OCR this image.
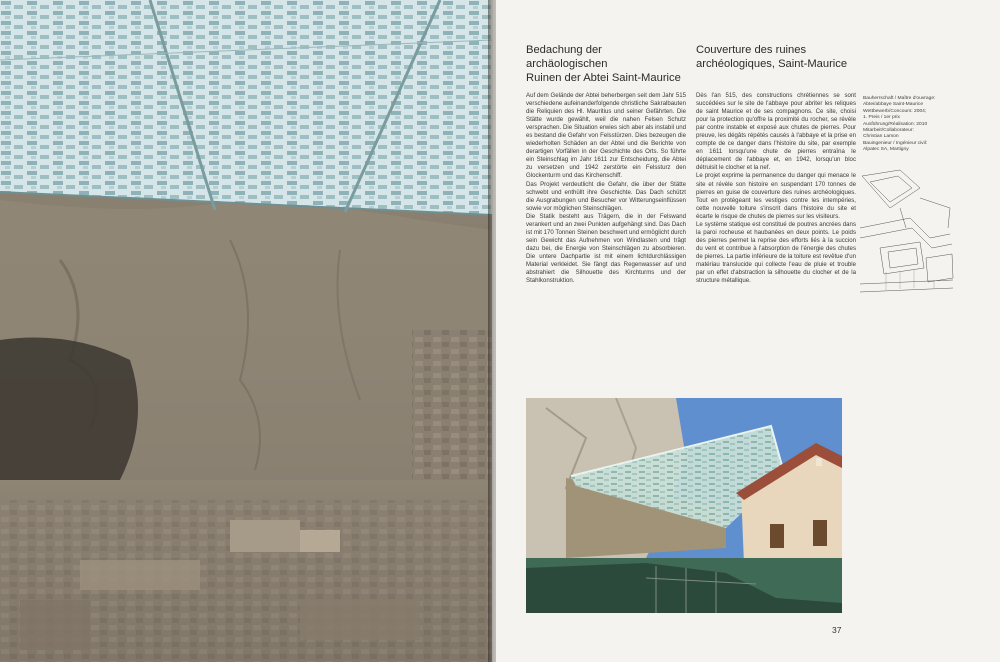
Bedachung der archäologischen
Ruinen der Abtei Saint-Maurice
Couverture des ruines
archéologiques, Saint-Maurice

Auf dem Gelände der Abtei beherbergen seit dem Jahr 515 verschiedene aufeinanderfolgende christliche Sakralbauten die Reliquien des Hl. Mauritius und seiner Gefährten. Die Stätte wurde gewählt, weil die nahen Felsen Schutz versprachen. Die Situation erwies sich aber als instabil und es bestand die Gefahr von Felsstürzen. Dies bezeugen die wiederholten Schäden an der Abtei und die Berichte von derartigen Vorfällen in der Geschichte des Orts. So führte ein Steinschlag im Jahr 1611 zur Entscheidung, die Abtei zu versetzen und 1942 zerstörte ein Felssturz den Glockenturm und das Kirchenschiff.

Das Projekt verdeutlicht die Gefahr, die über der Stätte schwebt und enthüllt ihre Geschichte. Das Dach schützt die Ausgrabungen und Besucher vor Witterungseinflüssen sowie vor möglichen Steinschlägen.

Die Statik besteht aus Trägern, die in der Felswand verankert und an zwei Punkten aufgehängt sind. Das Dach ist mit 170 Tonnen Steinen beschwert und ermöglicht durch sein Gewicht das Aufnehmen von Windlasten und trägt dazu bei, die Energie von Steinschlägen zu absorbieren. Die untere Dachpartie ist mit einem lichtdurchlässigen Material verkleidet. Sie fängt das Regenwasser auf und abstrahiert die Silhouette des Kirchturms und der Stahlkonstruktion.

Dès l'an 515, des constructions chrétiennes se sont succédées sur le site de l'abbaye pour abriter les reliques de saint Maurice et de ses compagnons. Ce site, choisi pour la protection qu'offre la proximité du rocher, se révèle par contre instable et exposé aux chutes de pierres. Pour preuve, les dégâts répétés causés à l'abbaye et la prise en compte de ce danger dans l'histoire du site, par exemple en 1611 lorsqu'une chute de pierres entraîna le déplacement de l'abbaye et, en 1942, lorsqu'un bloc détruisit le clocher et la nef.

Le projet exprime la permanence du danger qui menace le site et révèle son histoire en suspendant 170 tonnes de pierres en guise de couverture des ruines archéologiques. Tout en protégeant les vestiges contre les intempéries, cette nouvelle toiture s'inscrit dans l'histoire du site et écarte le risque de chutes de pierres sur les visiteurs.

Le système statique est constitué de poutres ancrées dans la paroi rocheuse et haubanées en deux points. Le poids des pierres permet la reprise des efforts liés à la succion du vent et contribue à l'absorption de l'énergie des chutes de pierres. La partie inférieure de la toiture est revêtue d'un matériau translucide qui collecte l'eau de pluie et trouble par un effet d'abstraction la silhouette du clocher et de la structure métallique.

Bauherrschaft / Maître d'ouvrage:
Abtei/abbaye Saint-Maurice
Wettbewerb/Concours: 2004;
1. Preis / 1er prix
Ausführung/Réalisation: 2010
Mitarbeit/Collaborateur:
Christian Lamon
Bauingenieur / Ingénieur civil:
Alpatec SA, Martigny
37
